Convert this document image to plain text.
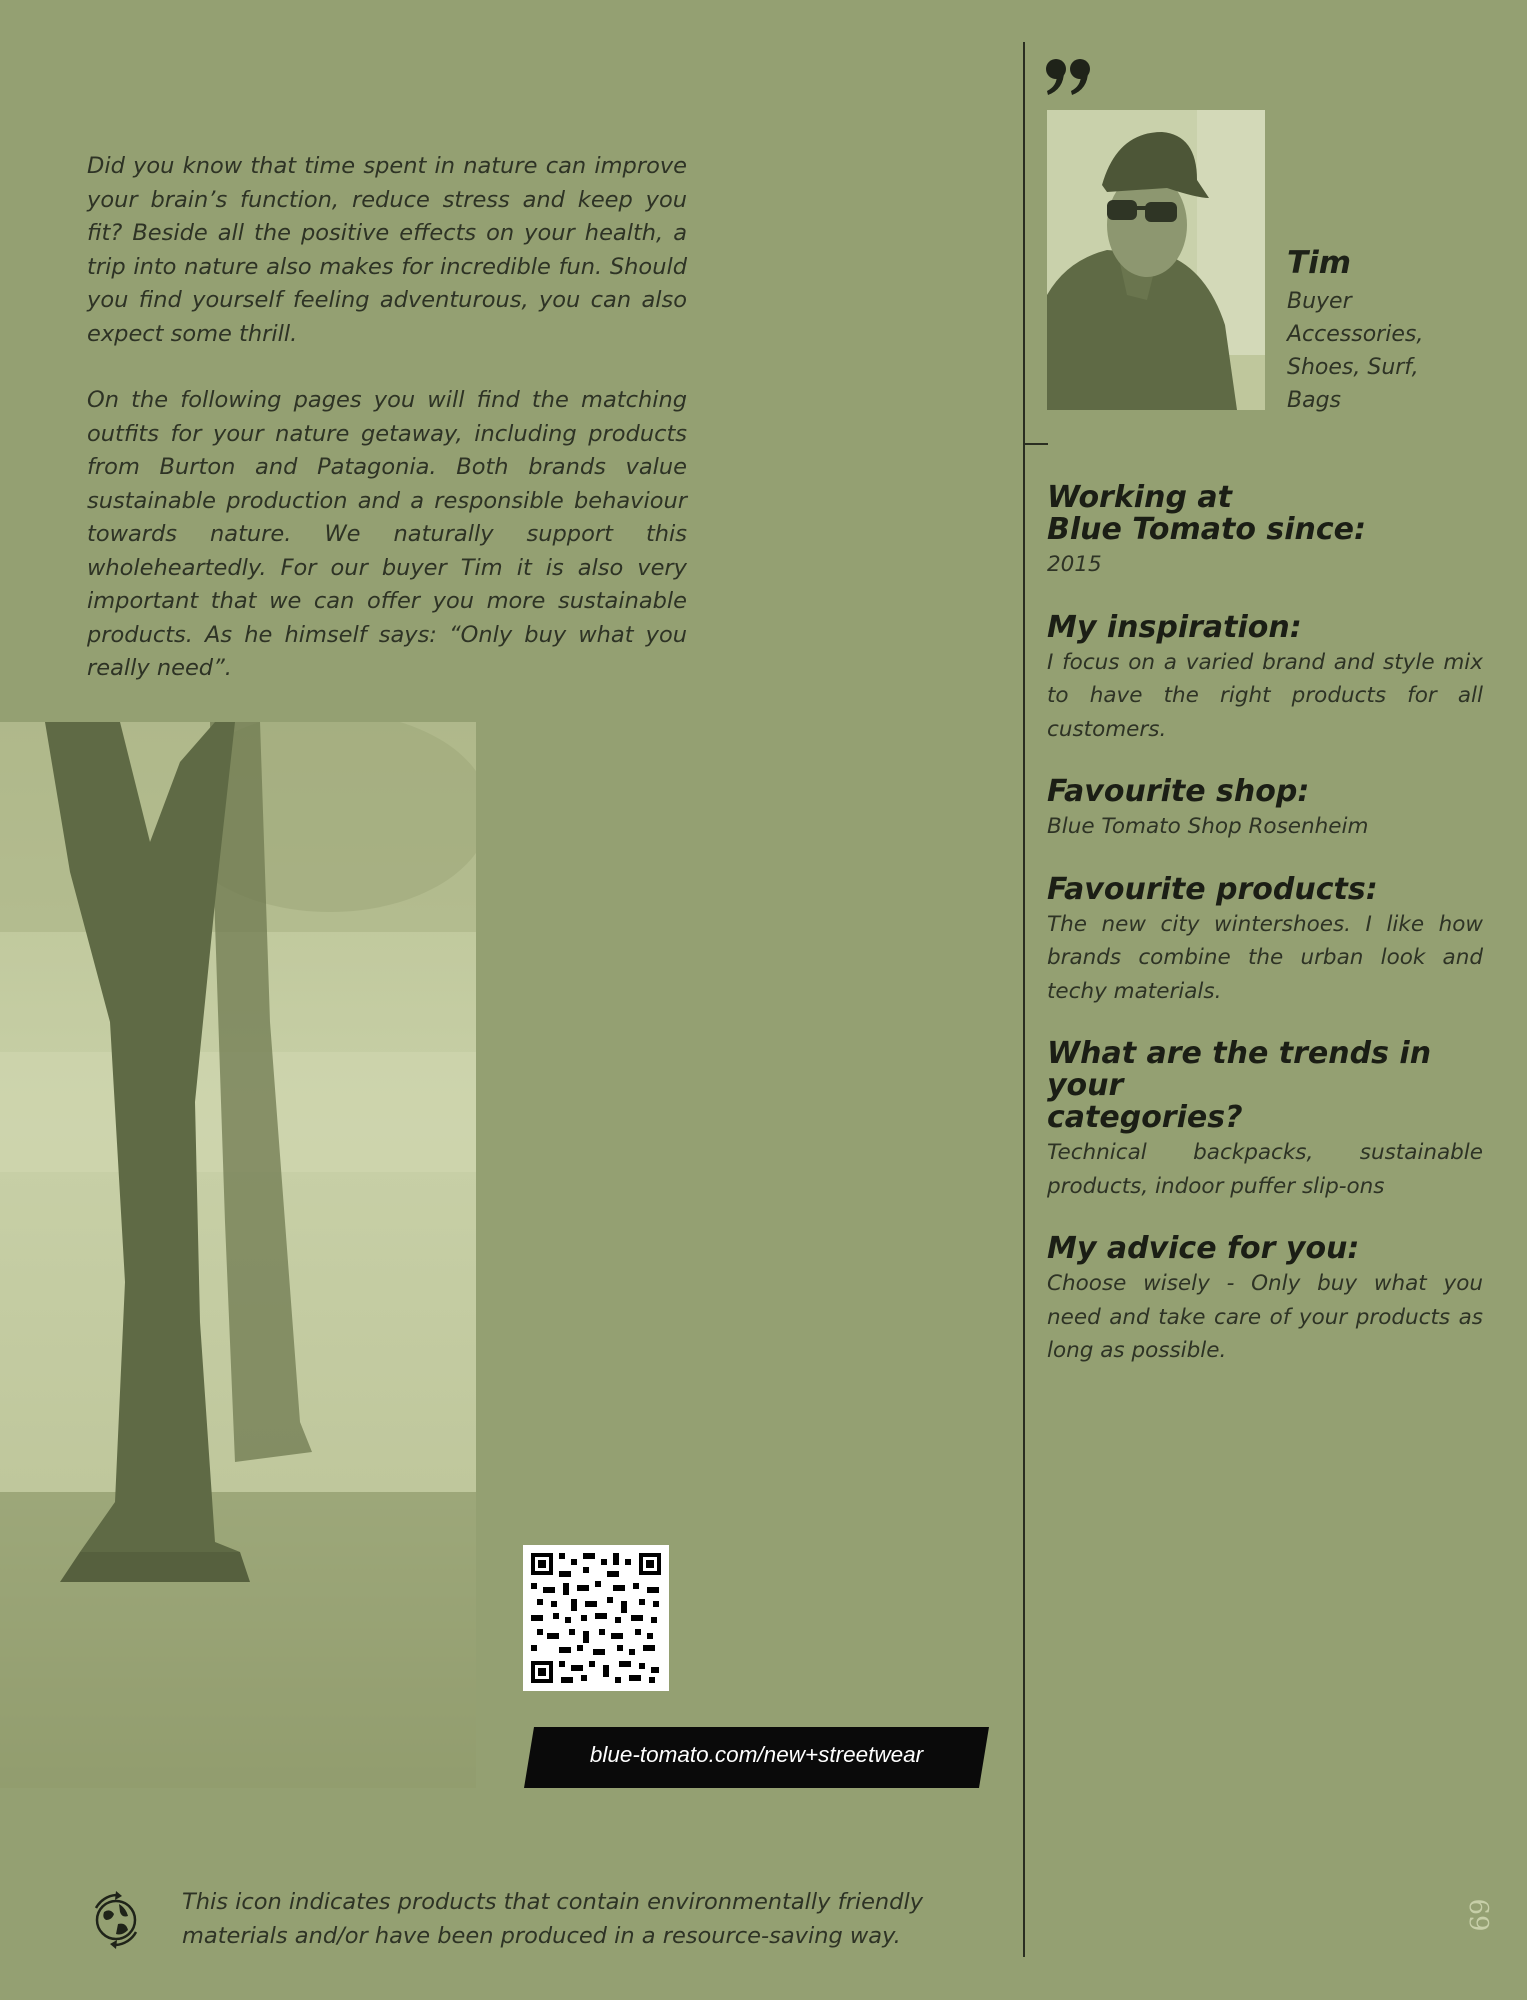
Did you know that time spent in nature can improve your brain’s function, reduce stress and keep you fit? Beside all the positive effects on your health, a trip into nature also makes for incredible fun. Should you find yourself feeling adventurous, you can also expect some thrill.

On the following pages you will find the matching outfits for your nature getaway, including products from Burton and Patagonia. Both brands value sustainable production and a responsible behaviour towards nature. We naturally support this wholeheartedly. For our buyer Tim it is also very important that we can offer you more sustainable products. As he himself says: “Only buy what you really need”.

blue-tomato.com/new+streetwear

Tim

Buyer
Accessories,
Shoes, Surf,
Bags

Working at
Blue Tomato since:

2015

My inspiration:

I focus on a varied brand and style mix to have the right products for all customers.

Favourite shop:

Blue Tomato Shop Rosenheim

Favourite products:

The new city wintershoes. I like how brands combine the urban look and techy materials.

What are the trends in your
categories?

Technical backpacks, sustainable products, indoor puffer slip-ons

My advice for you:

Choose wisely - Only buy what you need and take care of your products as long as possible.

This icon indicates products that contain environmentally friendly
materials and/or have been produced in a resource-saving way.
69
